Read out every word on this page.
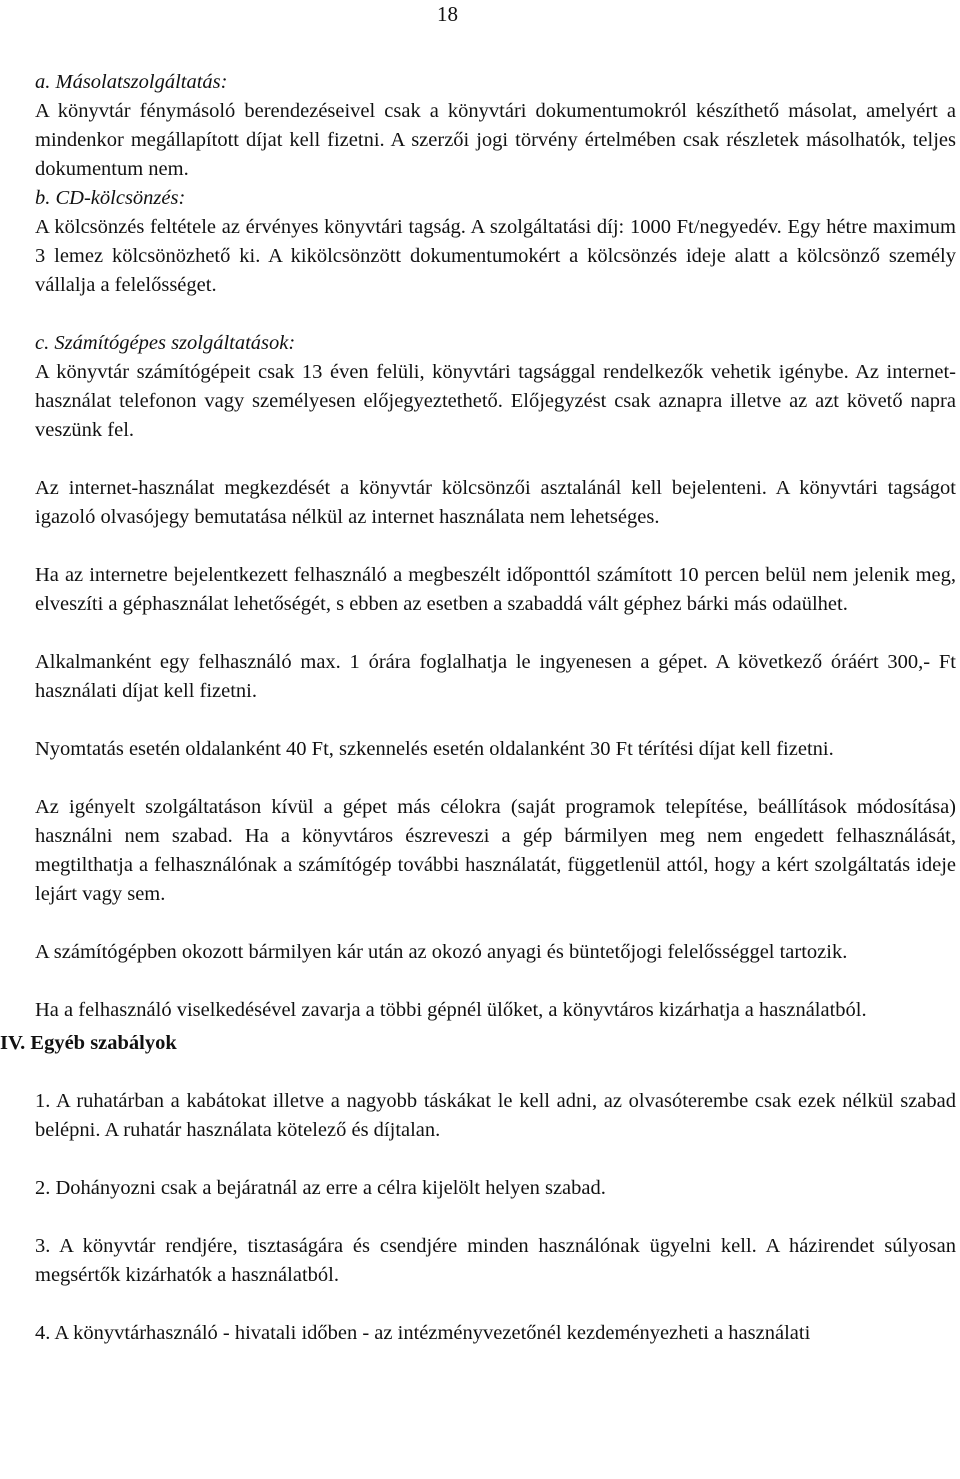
18

a. Másolatszolgáltatás:

A könyvtár fénymásoló berendezéseivel csak a könyvtári dokumentumokról készíthető másolat, amelyért a mindenkor megállapított díjat kell fizetni. A szerzői jogi törvény értelmében csak részletek másolhatók, teljes dokumentum nem.

b. CD-kölcsönzés:

A kölcsönzés feltétele az érvényes könyvtári tagság. A szolgáltatási díj: 1000 Ft/negyedév. Egy hétre maximum 3 lemez kölcsönözhető ki. A kikölcsönzött dokumentumokért a kölcsönzés ideje alatt a kölcsönző személy vállalja a felelősséget.

c. Számítógépes szolgáltatások:

A könyvtár számítógépeit csak 13 éven felüli, könyvtári tagsággal rendelkezők vehetik igénybe. Az internet-használat telefonon vagy személyesen előjegyeztethető. Előjegyzést csak aznapra illetve az azt követő napra veszünk fel.

Az internet-használat megkezdését a könyvtár kölcsönzői asztalánál kell bejelenteni. A könyvtári tagságot igazoló olvasójegy bemutatása nélkül az internet használata nem lehetséges.

Ha az internetre bejelentkezett felhasználó a megbeszélt időponttól számított 10 percen belül nem jelenik meg, elveszíti a géphasználat lehetőségét, s ebben az esetben a szabaddá vált géphez bárki más odaülhet.

Alkalmanként egy felhasználó max. 1 órára foglalhatja le ingyenesen a gépet. A következő óráért 300,- Ft használati díjat kell fizetni.

Nyomtatás esetén oldalanként 40 Ft, szkennelés esetén oldalanként 30 Ft térítési díjat kell fizetni.

Az igényelt szolgáltatáson kívül a gépet más célokra (saját programok telepítése, beállítások módosítása) használni nem szabad. Ha a könyvtáros észreveszi a gép bármilyen meg nem engedett felhasználását, megtilthatja a felhasználónak a számítógép további használatát, függetlenül attól, hogy a kért szolgáltatás ideje lejárt vagy sem.

A számítógépben okozott bármilyen kár után az okozó anyagi és büntetőjogi felelősséggel tartozik.

Ha a felhasználó viselkedésével zavarja a többi gépnél ülőket, a könyvtáros kizárhatja a használatból.

IV. Egyéb szabályok

1. A ruhatárban a kabátokat illetve a nagyobb táskákat le kell adni, az olvasóterembe csak ezek nélkül szabad belépni. A ruhatár használata kötelező és díjtalan.

2. Dohányozni csak a bejáratnál az erre a célra kijelölt helyen szabad.

3. A könyvtár rendjére, tisztaságára és csendjére minden használónak ügyelni kell. A házirendet súlyosan megsértők kizárhatók a használatból.

4. A könyvtárhasználó - hivatali időben - az intézményvezetőnél kezdeményezheti a használati
